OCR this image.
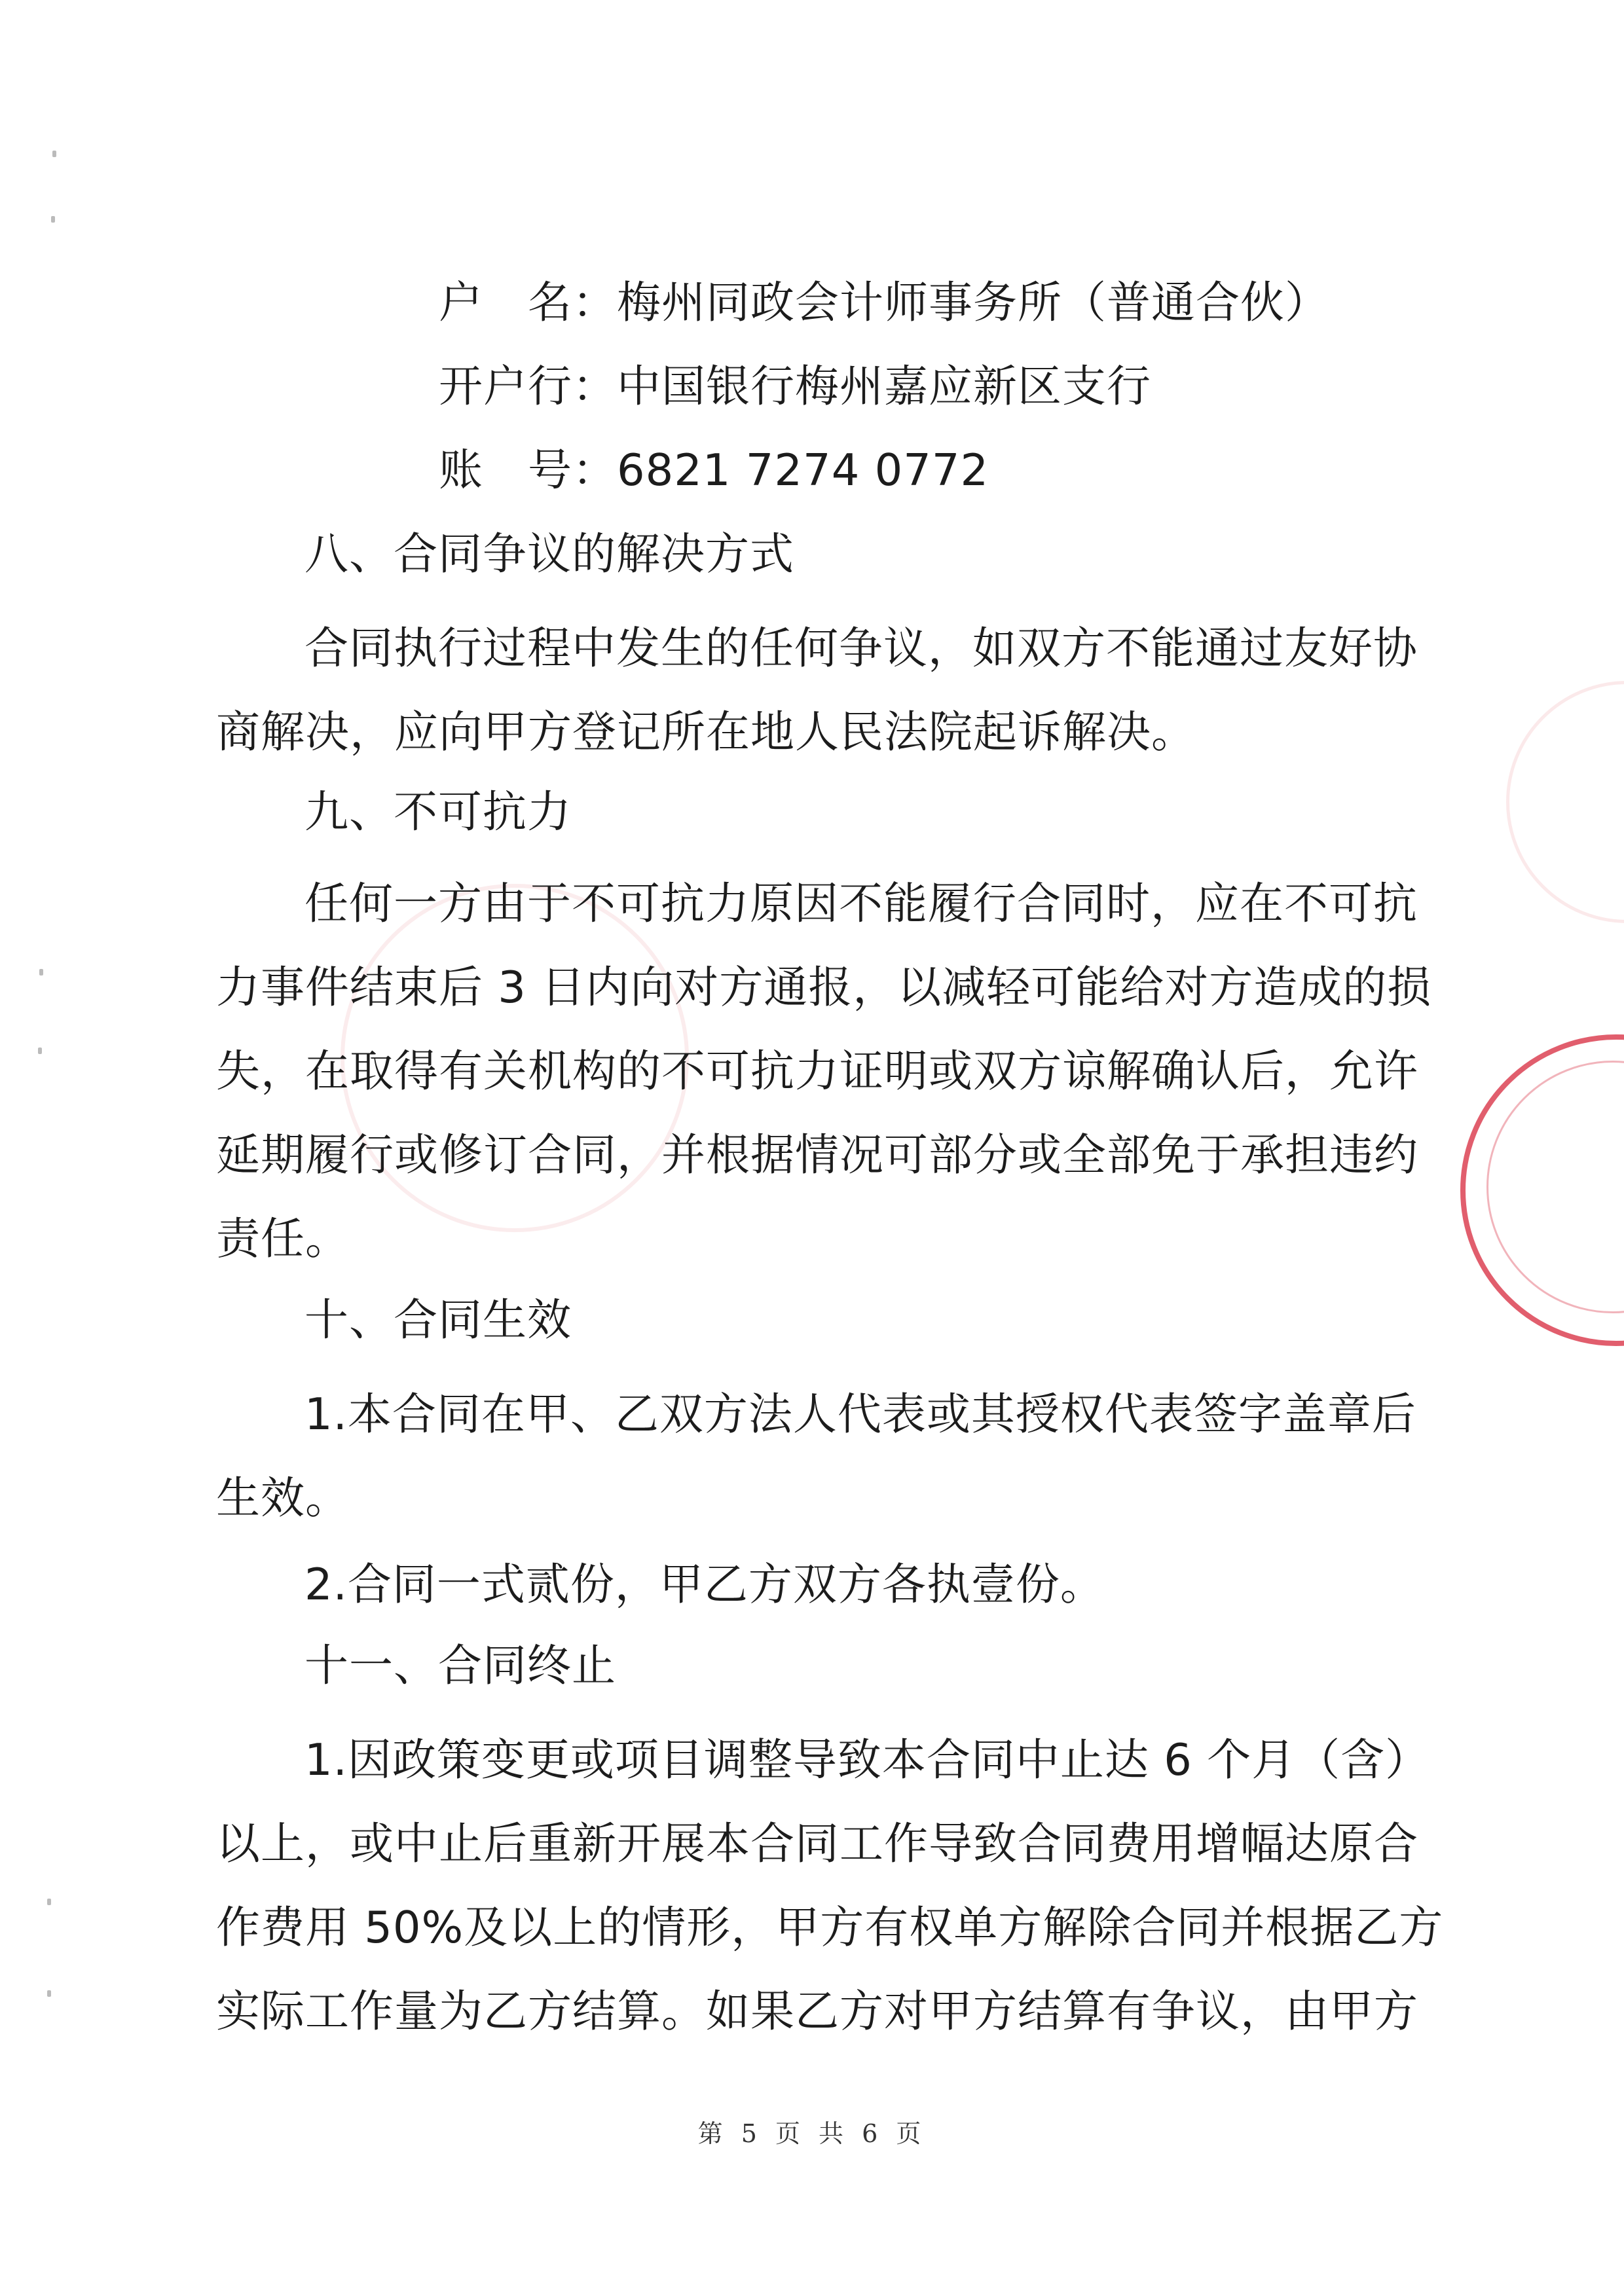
户　名：梅州同政会计师事务所（普通合伙）
开户行：中国银行梅州嘉应新区支行
账　号：6821 7274 0772
八、合同争议的解决方式
合同执行过程中发生的任何争议，如双方不能通过友好协
商解决，应向甲方登记所在地人民法院起诉解决。
九、不可抗力
任何一方由于不可抗力原因不能履行合同时，应在不可抗
力事件结束后 3 日内向对方通报，以减轻可能给对方造成的损
失，在取得有关机构的不可抗力证明或双方谅解确认后，允许
延期履行或修订合同，并根据情况可部分或全部免于承担违约
责任。
十、合同生效
1.本合同在甲、乙双方法人代表或其授权代表签字盖章后
生效。
2.合同一式贰份，甲乙方双方各执壹份。
十一、合同终止
1.因政策变更或项目调整导致本合同中止达 6 个月（含）
以上，或中止后重新开展本合同工作导致合同费用增幅达原合
作费用 50%及以上的情形，甲方有权单方解除合同并根据乙方
实际工作量为乙方结算。如果乙方对甲方结算有争议，由甲方
第 5 页 共 6 页
